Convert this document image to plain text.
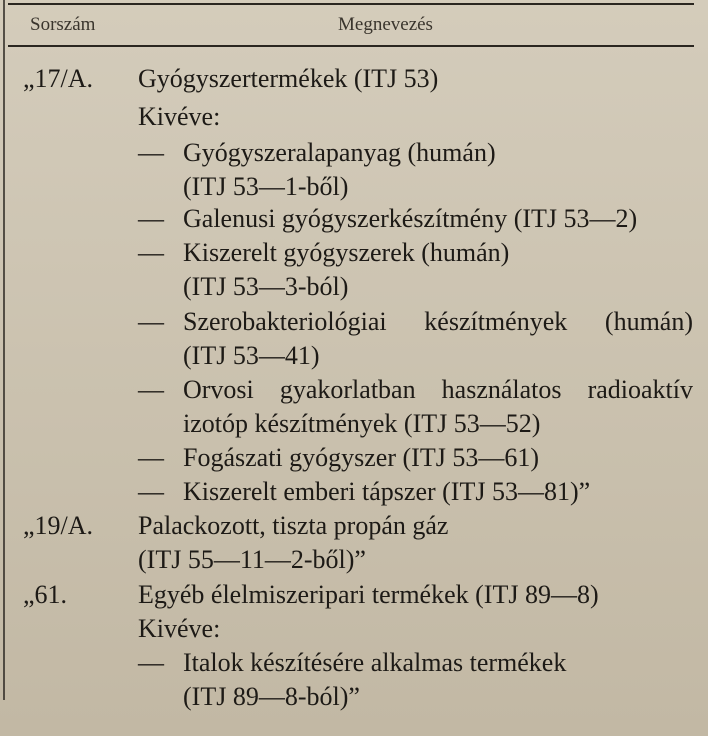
Sorszám	Megnevezés
„17/A. Gyógyszertermékek (ITJ 53)
Kivéve:
— Gyógyszeralapanyag (humán)
(ITJ 53—1-ből)
— Galenusi gyógyszerkészítmény (ITJ 53—2)
— Kiszerelt gyógyszerek (humán)
(ITJ 53—3-ból)
— Szerobakteriológiai készítmények (humán)
(ITJ 53—41)
— Orvosi gyakorlatban használatos radioaktív
izotóp készítmények (ITJ 53—52)
— Fogászati gyógyszer (ITJ 53—61)
— Kiszerelt emberi tápszer (ITJ 53—81)”
„19/A. Palackozott, tiszta propán gáz
(ITJ 55—11—2-ből)”
„61.	Egyéb élelmiszeripari termékek (ITJ 89—8)
Kivéve:
— Italok készítésére alkalmas termékek
(ITJ 89—8-ból)”
